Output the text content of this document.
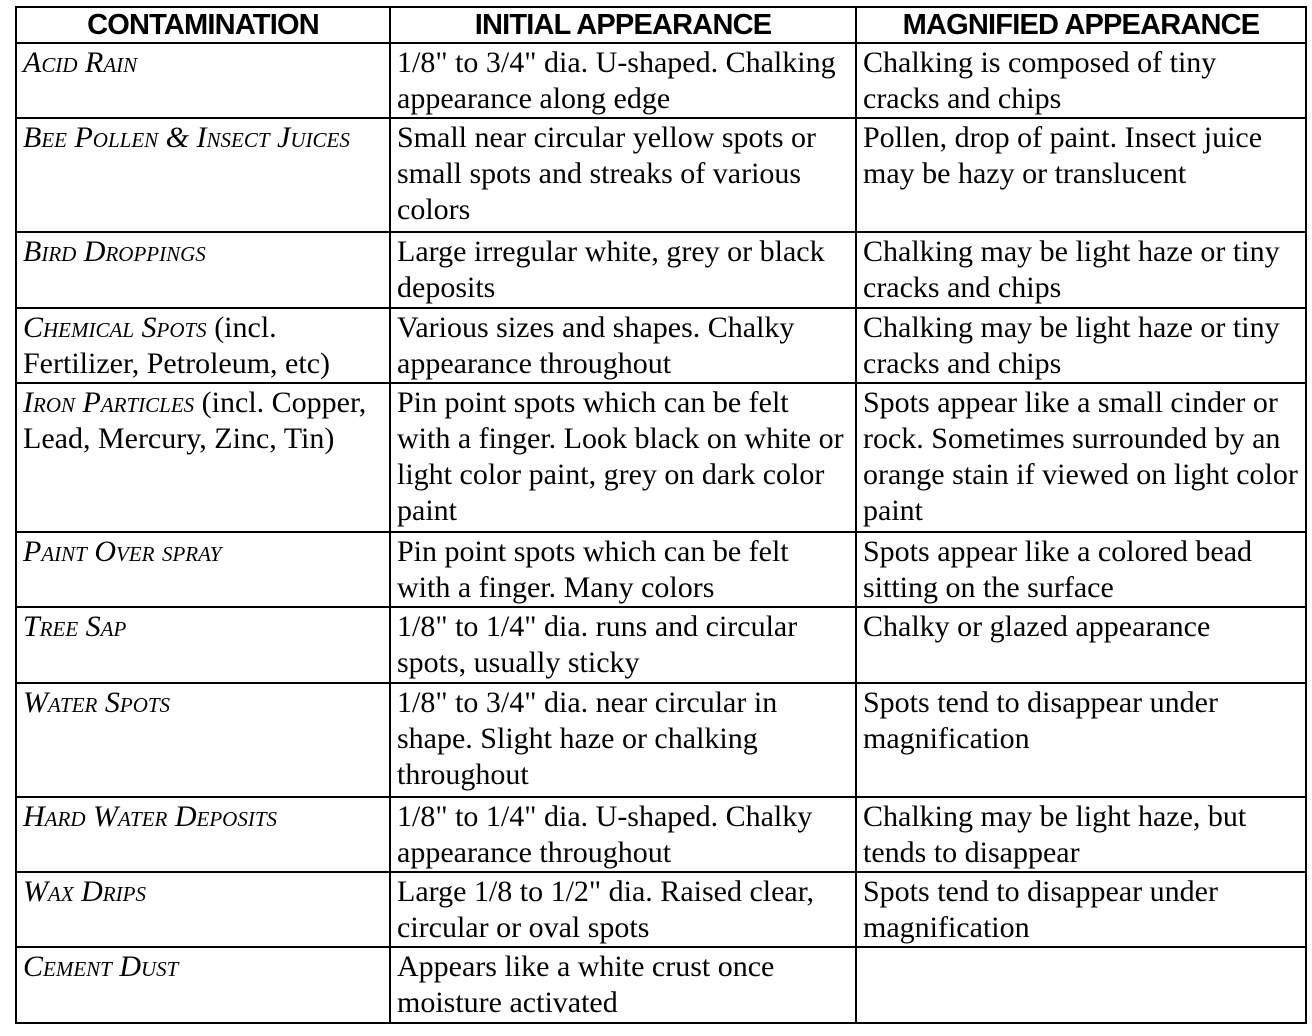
CONTAMINATION	INITIAL APPEARANCE	MAGNIFIED APPEARANCE
Acid Rain	1/8" to 3/4" dia. U-shaped. Chalking appearance along edge	Chalking is composed of tiny cracks and chips
Bee Pollen & Insect Juices	Small near circular yellow spots or small spots and streaks of various colors	Pollen, drop of paint. Insect juice may be hazy or translucent
Bird Droppings	Large irregular white, grey or black deposits	Chalking may be light haze or tiny cracks and chips
Chemical Spots (incl. Fertilizer, Petroleum, etc)	Various sizes and shapes. Chalky appearance throughout	Chalking may be light haze or tiny cracks and chips
Iron Particles (incl. Copper, Lead, Mercury, Zinc, Tin)	Pin point spots which can be felt with a finger. Look black on white or light color paint, grey on dark color paint	Spots appear like a small cinder or rock. Sometimes surrounded by an orange stain if viewed on light color paint
Paint Over spray	Pin point spots which can be felt with a finger. Many colors	Spots appear like a colored bead sitting on the surface
Tree Sap	1/8" to 1/4" dia. runs and circular spots, usually sticky	Chalky or glazed appearance
Water Spots	1/8" to 3/4" dia. near circular in shape. Slight haze or chalking throughout	Spots tend to disappear under magnification
Hard Water Deposits	1/8" to 1/4" dia. U-shaped. Chalky appearance throughout	Chalking may be light haze, but tends to disappear
Wax Drips	Large 1/8 to 1/2" dia. Raised clear, circular or oval spots	Spots tend to disappear under magnification
Cement Dust	Appears like a white crust once moisture activated	
